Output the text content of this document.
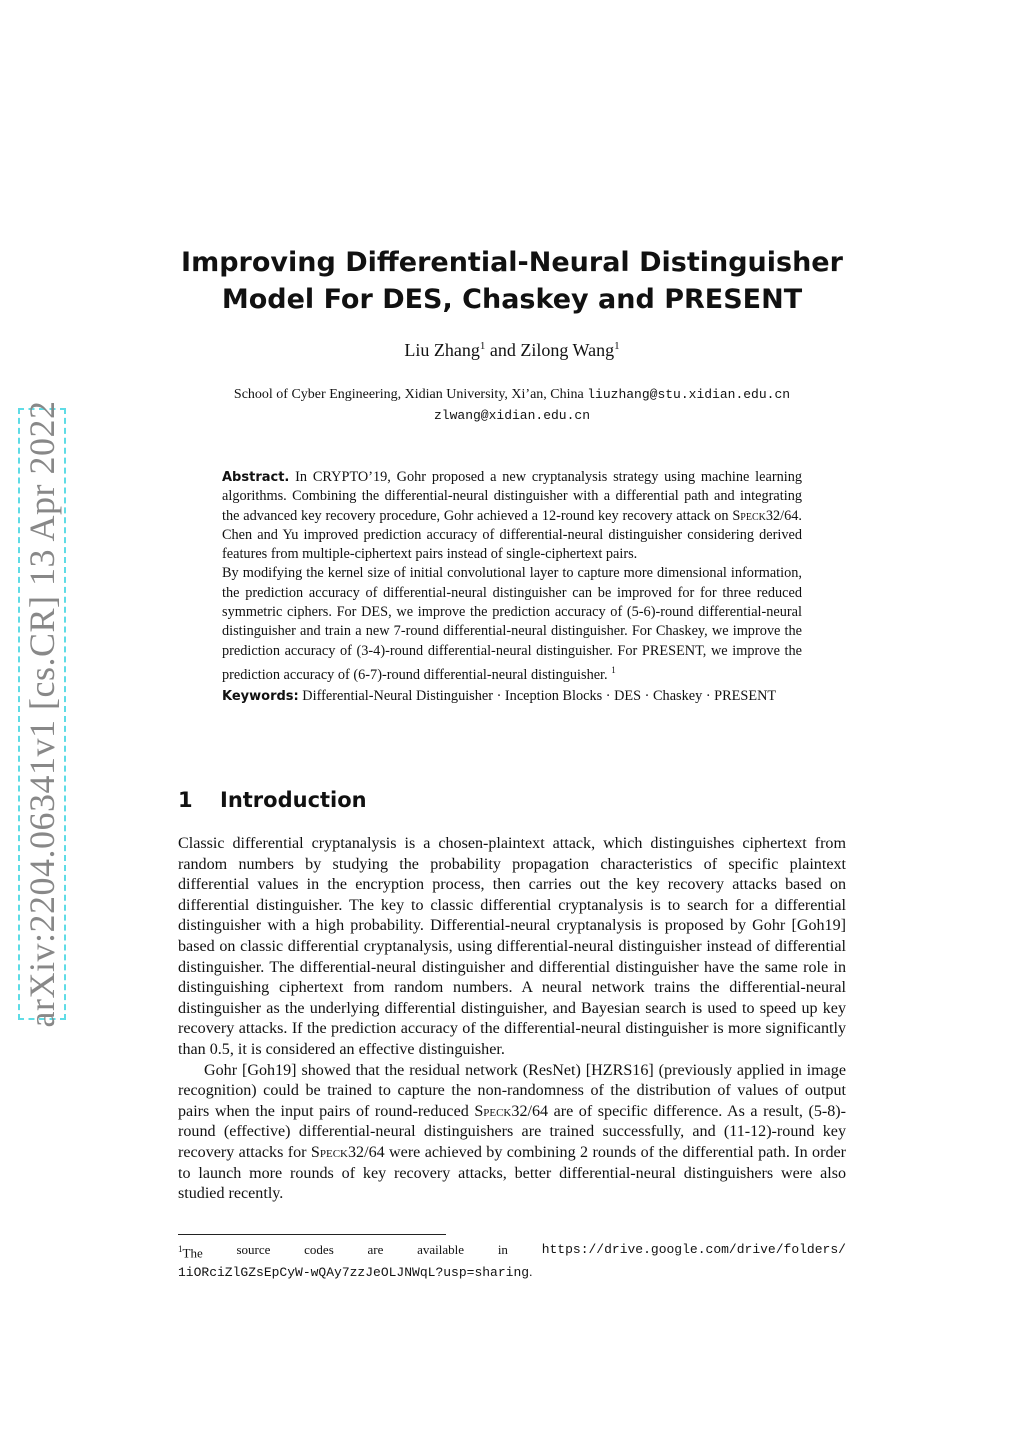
arXiv:2204.06341v1 [cs.CR] 13 Apr 2022
Improving Differential-Neural Distinguisher
Model For DES, Chaskey and PRESENT
Liu Zhang$^1$ and Zilong Wang$^1$
School of Cyber Engineering, Xidian University, Xi’an, China liuzhang@stu.xidian.edu.cn
zlwang@xidian.edu.cn

Abstract. In CRYPTO’19, Gohr proposed a new cryptanalysis strategy using machine learning algorithms. Combining the differential-neural distinguisher with a differential path and integrating the advanced key recovery procedure, Gohr achieved a 12-round key recovery attack on Speck32/64. Chen and Yu improved prediction accuracy of differential-neural distinguisher considering derived features from multiple-ciphertext pairs instead of single-ciphertext pairs.

By modifying the kernel size of initial convolutional layer to capture more dimensional information, the prediction accuracy of differential-neural distinguisher can be improved for for three reduced symmetric ciphers. For DES, we improve the prediction accuracy of (5-6)-round differential-neural distinguisher and train a new 7-round differential-neural distinguisher. For Chaskey, we improve the prediction accuracy of (3-4)-round differential-neural distinguisher. For PRESENT, we improve the prediction accuracy of (6-7)-round differential-neural distinguisher. $^1$

Keywords: Differential-Neural Distinguisher · Inception Blocks · DES · Chaskey · PRESENT

1 Introduction

Classic differential cryptanalysis is a chosen-plaintext attack, which distinguishes ciphertext from random numbers by studying the probability propagation characteristics of specific plaintext differential values in the encryption process, then carries out the key recovery attacks based on differential distinguisher. The key to classic differential cryptanalysis is to search for a differential distinguisher with a high probability. Differential-neural cryptanalysis is proposed by Gohr [Goh19] based on classic differential cryptanalysis, using differential-neural distinguisher instead of differential distinguisher. The differential-neural distinguisher and differential distinguisher have the same role in distinguishing ciphertext from random numbers. A neural network trains the differential-neural distinguisher as the underlying differential distinguisher, and Bayesian search is used to speed up key recovery attacks. If the prediction accuracy of the differential-neural distinguisher is more significantly than 0.5, it is considered an effective distinguisher.

Gohr [Goh19] showed that the residual network (ResNet) [HZRS16] (previously applied in image recognition) could be trained to capture the non-randomness of the distribution of values of output pairs when the input pairs of round-reduced Speck32/64 are of specific difference. As a result, (5-8)-round (effective) differential-neural distinguishers are trained successfully, and (11-12)-round key recovery attacks for Speck32/64 were achieved by combining 2 rounds of the differential path. In order to launch more rounds of key recovery attacks, better differential-neural distinguishers were also studied recently.

$^1$The	source	codes	are	available	in	https://drive.google.com/drive/folders/
1iORciZlGZsEpCyW-wQAy7zzJeOLJNWqL?usp=sharing.
